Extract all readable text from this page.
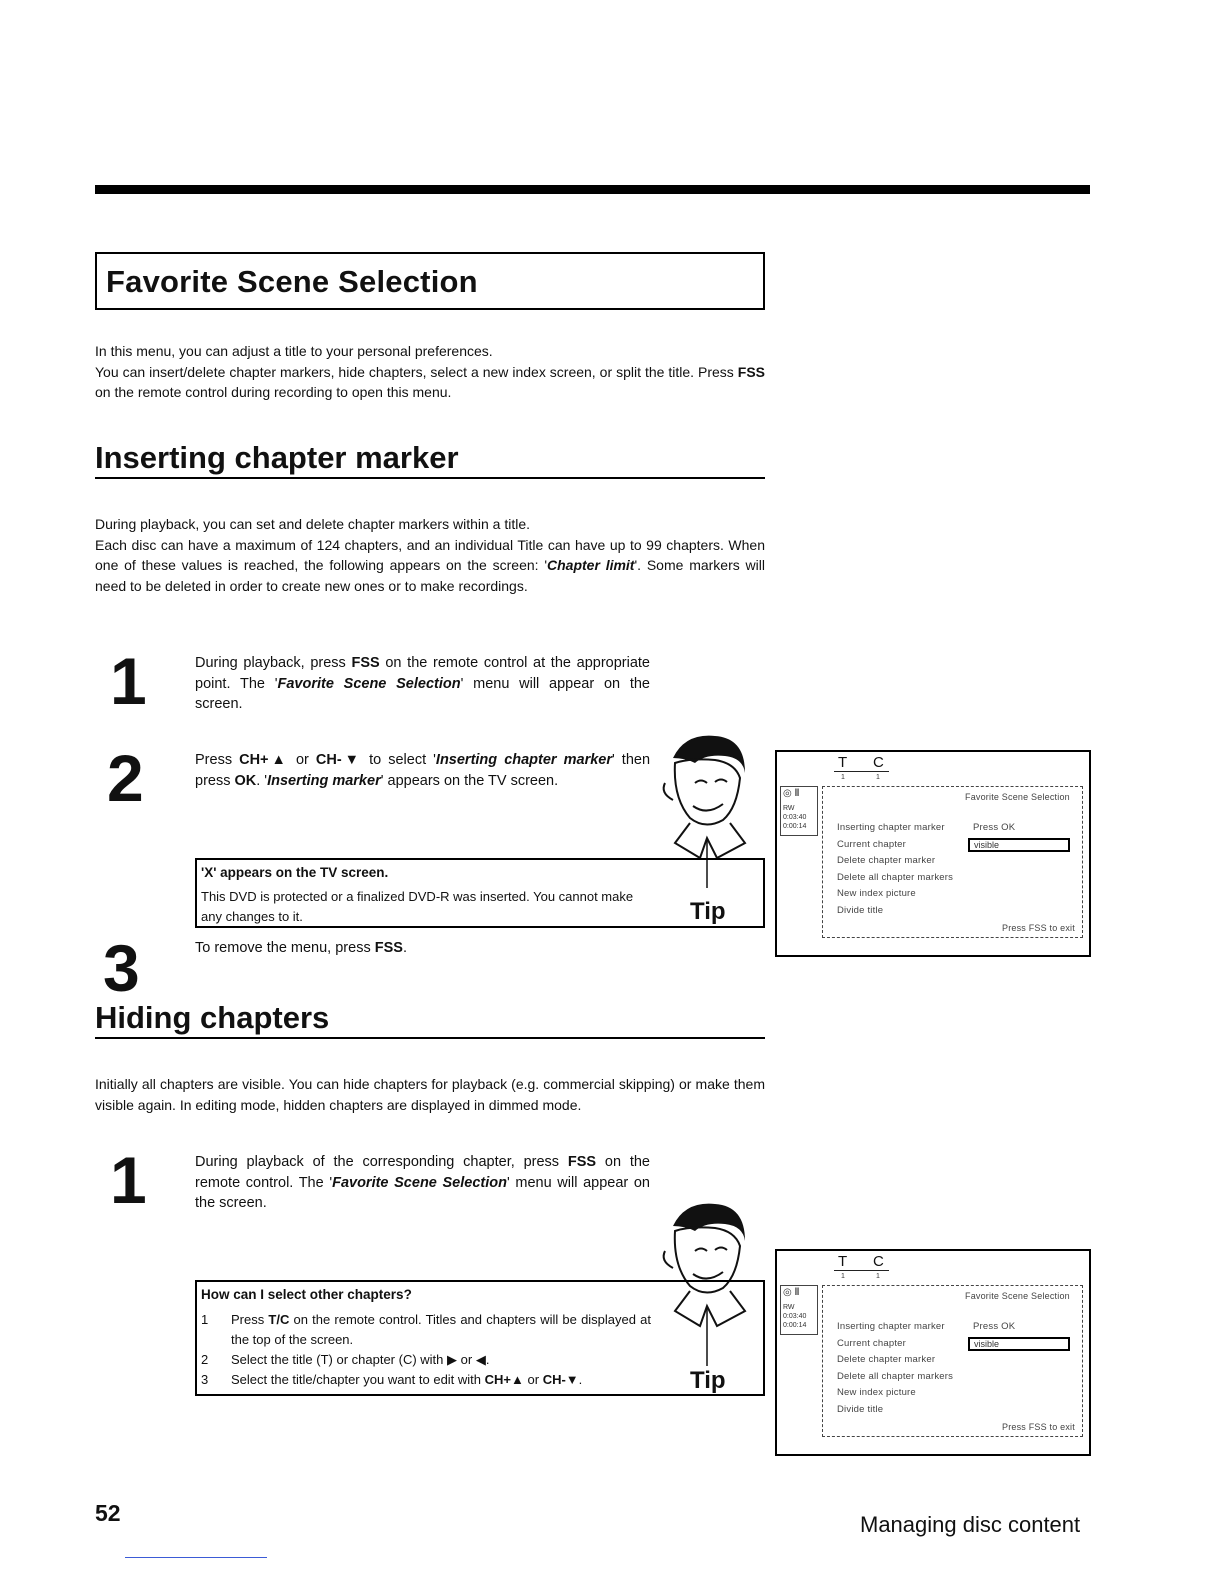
Favorite Scene Selection
In this menu, you can adjust a title to your personal preferences.
You can insert/delete chapter markers, hide chapters, select a new index screen, or split the title. Press FSS on the remote control during recording to open this menu.
Inserting chapter marker
During playback, you can set and delete chapter markers within a title.
Each disc can have a maximum of 124 chapters, and an individual Title can have up to 99 chapters. When one of these values is reached, the following appears on the screen: 'Chapter limit'. Some markers will need to be deleted in order to create new ones or to make recordings.
1	During playback, press FSS on the remote control at the appropriate point. The 'Favorite Scene Selection' menu will appear on the screen.
2	Press CH+▲ or CH-▼ to select 'Inserting chapter marker' then press OK. 'Inserting marker' appears on the TV screen.
'X' appears on the TV screen.
This DVD is protected or a finalized DVD-R was inserted. You cannot make any changes to it.	Tip
3	To remove the menu, press FSS.
T C
1	1
◎ ‖
RW
0:03:40
0:00:14
Favorite Scene Selection
Inserting chapter marker
Current chapter
Delete chapter marker
Delete all chapter markers
New index picture
Divide title
Press OK
visible
Press FSS to exit
Hiding chapters
Initially all chapters are visible. You can hide chapters for playback (e.g. commercial skipping) or make them visible again. In editing mode, hidden chapters are displayed in dimmed mode.
1	During playback of the corresponding chapter, press FSS on the remote control. The 'Favorite Scene Selection' menu will appear on the screen.
How can I select other chapters?
1	Press T/C on the remote control. Titles and chapters will be displayed at the top of the screen.
2	Select the title (T) or chapter (C) with ▶ or ◀.
3	Select the title/chapter you want to edit with CH+▲ or CH-▼.	Tip
T C
1	1
◎ ‖
RW
0:03:40
0:00:14
Favorite Scene Selection
Inserting chapter marker
Current chapter
Delete chapter marker
Delete all chapter markers
New index picture
Divide title
Press OK
visible
Press FSS to exit
52	Managing disc content
